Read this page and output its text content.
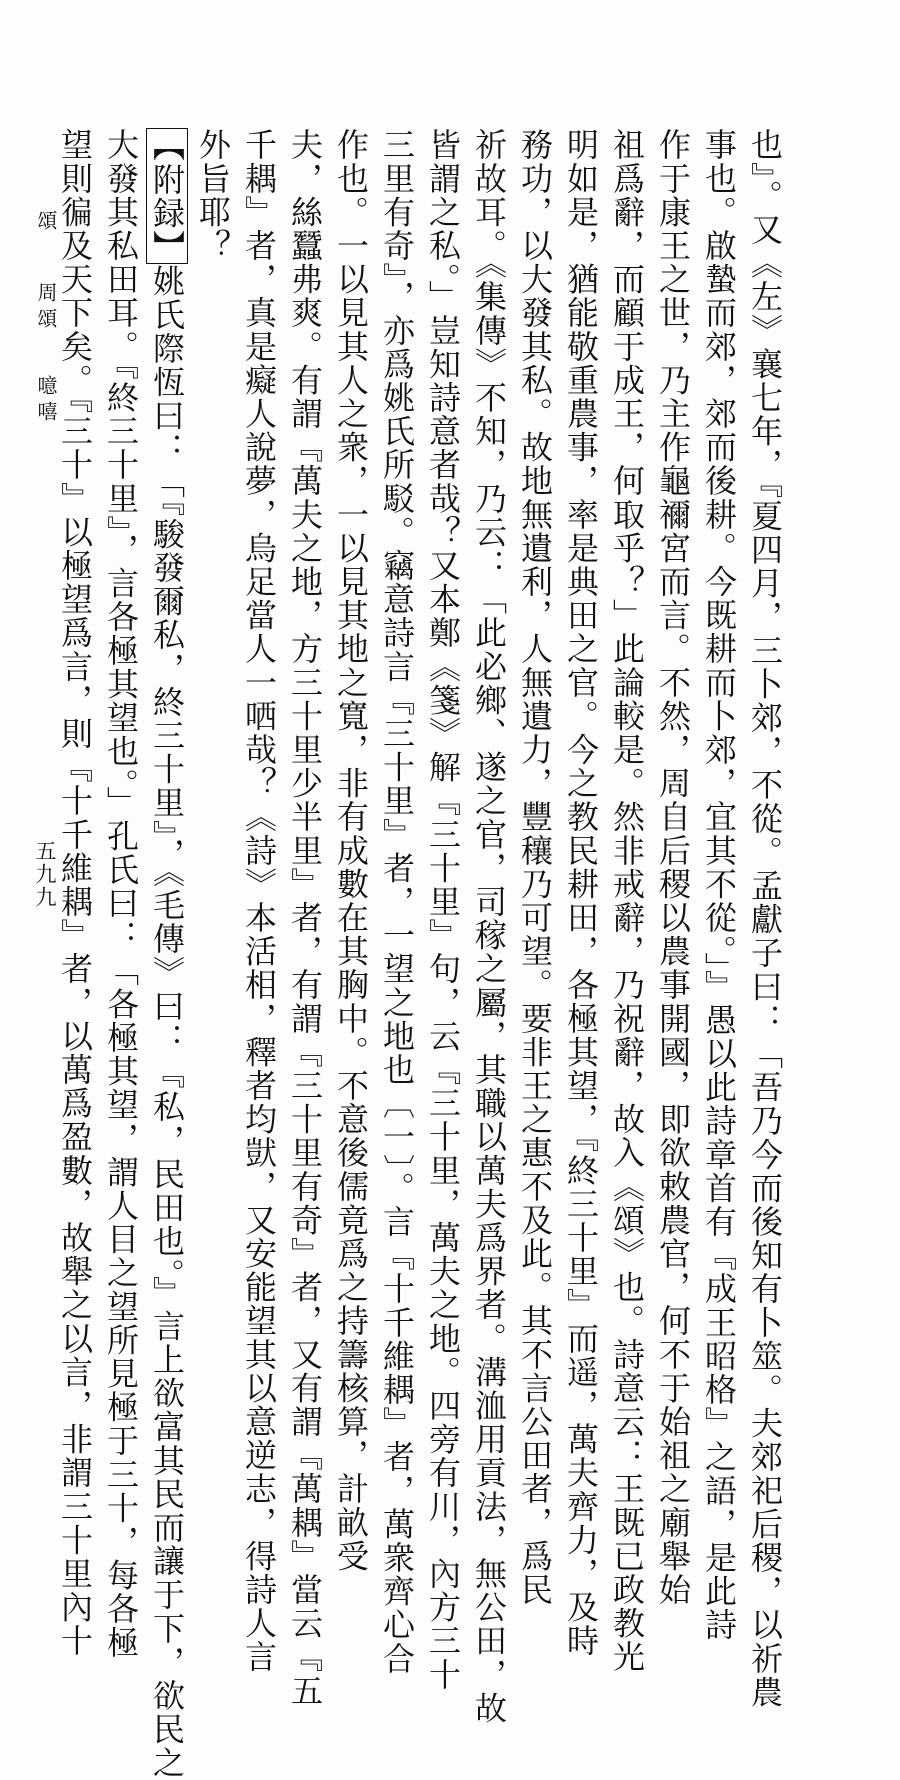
頌 周頌 噫嘻	也』。又《左》襄七年，『夏四月，三卜郊，不從。孟獻子曰：「吾乃今而後知有卜筮。夫郊祀后稷，以祈農
事也。啟蟄而郊，郊而後耕。今既耕而卜郊，宜其不從。」』愚以此詩章首有『成王昭格』之語，是此詩
作于康王之世，乃主作龜禰宮而言。不然，周自后稷以農事開國，即欲敕農官，何不于始祖之廟舉始
祖爲辭，而顧于成王，何取乎？」此論較是。然非戒辭，乃祝辭，故入《頌》也。詩意云：王既已政教光
明如是，猶能敬重農事，率是典田之官。今之教民耕田，各極其望，『終三十里』而遥，萬夫齊力，及時
務功，以大發其私。故地無遺利，人無遺力，豐穰乃可望。要非王之惠不及此。其不言公田者，爲民
祈故耳。《集傳》不知，乃云：「此必鄉、遂之官，司稼之屬，其職以萬夫爲界者。溝洫用貢法，無公田，故
皆謂之私。」豈知詩意者哉？又本鄭《箋》解『三十里』句，云『三十里，萬夫之地。四旁有川，內方三十
三里有奇』，亦爲姚氏所駁。竊意詩言『三十里』者，一望之地也〔一〕。言『十千維耦』者，萬衆齊心合
作也。一以見其人之衆，一以見其地之寬，非有成數在其胸中。不意後儒竟爲之持籌核算，計畝受
夫，絲蠶弗爽。有謂『萬夫之地，方三十里少半里』者，有謂『三十里有奇』者，又有謂『萬耦』當云『五
千耦』者，真是癡人說夢，烏足當人一哂哉？《詩》本活相，釋者均獃，又安能望其以意逆志，得詩人言
外旨耶？
【附録】姚氏際恆曰：「『駿發爾私，終三十里』，《毛傳》曰：『私，民田也。』言上欲富其民而讓于下，欲民之
大發其私田耳。『終三十里』，言各極其望也。」孔氏曰：「各極其望，謂人目之望所見極于三十，每各極
望則徧及天下矣。『三十』以極望爲言，則『十千維耦』者，以萬爲盈數，故舉之以言，非謂三十里內十
五九九
